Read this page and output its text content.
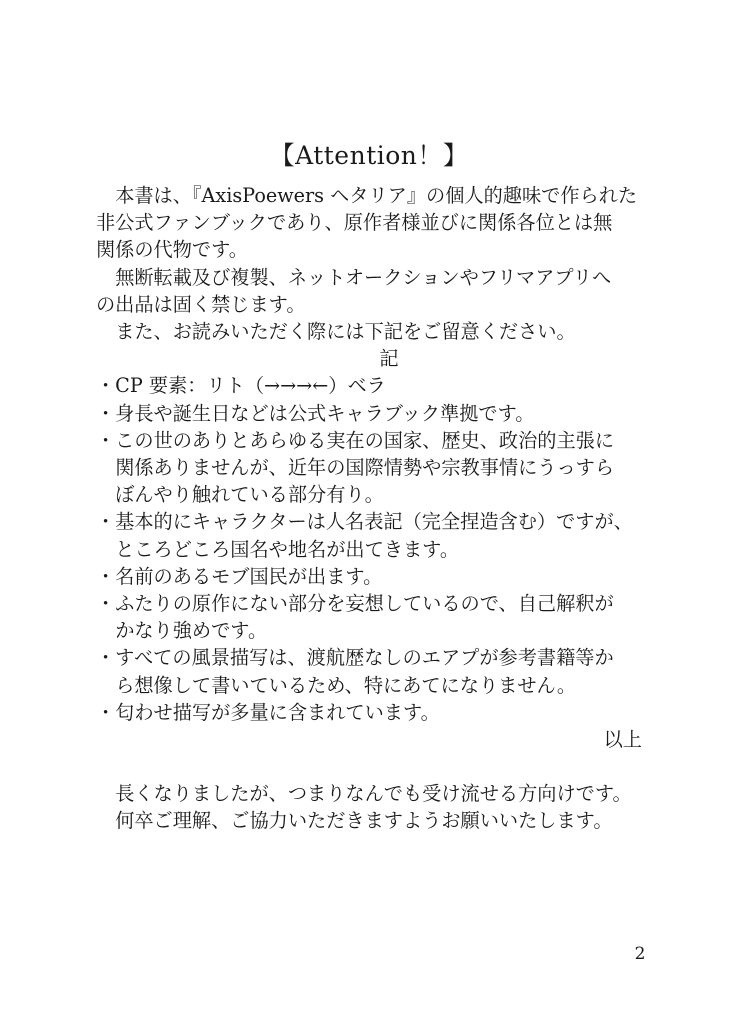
【Attention！】
本書は、『AxisPoewers ヘタリア』の個人的趣味で作られた
非公式ファンブックであり、原作者様並びに関係各位とは無
関係の代物です。
無断転載及び複製、ネットオークションやフリマアプリへ
の出品は固く禁じます。
また、お読みいただく際には下記をご留意ください。
記
・CP 要素：リト（→→→←）ベラ
・身長や誕生日などは公式キャラブック準拠です。
・この世のありとあらゆる実在の国家、歴史、政治的主張に
関係ありませんが、近年の国際情勢や宗教事情にうっすら
ぼんやり触れている部分有り。
・基本的にキャラクターは人名表記（完全捏造含む）ですが、
ところどころ国名や地名が出てきます。
・名前のあるモブ国民が出ます。
・ふたりの原作にない部分を妄想しているので、自己解釈が
かなり強めです。
・すべての風景描写は、渡航歴なしのエアプが参考書籍等か
ら想像して書いているため、特にあてになりません。
・匂わせ描写が多量に含まれています。
以上
長くなりましたが、つまりなんでも受け流せる方向けです。
何卒ご理解、ご協力いただきますようお願いいたします。
2
